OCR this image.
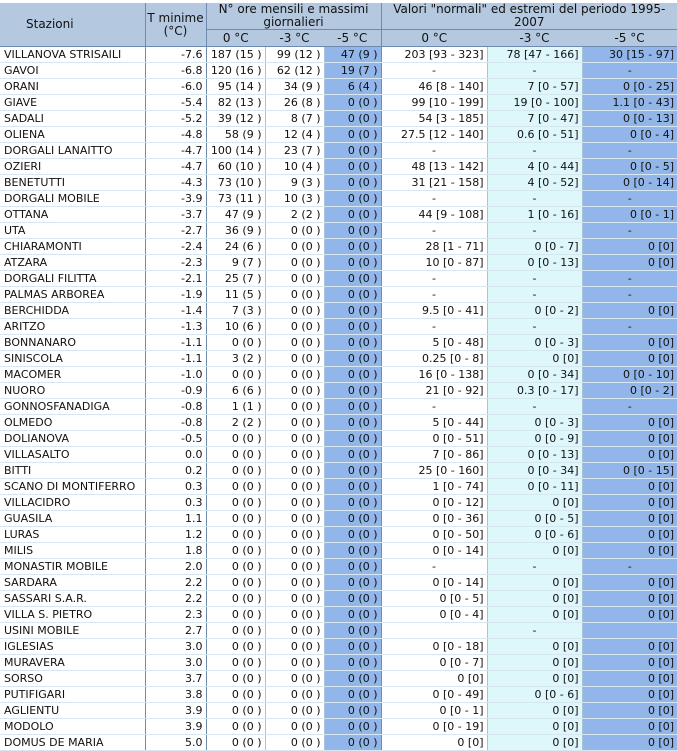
Stazioni	T minime (°C)	N° ore mensili e massimi giornalieri			Valori "normali" ed estremi del periodo 1995-2007		
		0 °C	-3 °C	-5 °C	0 °C	-3 °C	-5 °C
VILLANOVA STRISAILI	-7.6	187 (15 )	99 (12 )	47 (9 )	203 [93 - 323]	78 [47 - 166]	30 [15 - 97]
GAVOI	-6.8	120 (16 )	62 (12 )	19 (7 )	-	-	-
ORANI	-6.0	95 (14 )	34 (9 )	6 (4 )	46 [8 - 140]	7 [0 - 57]	0 [0 - 25]
GIAVE	-5.4	82 (13 )	26 (8 )	0 (0 )	99 [10 - 199]	19 [0 - 100]	1.1 [0 - 43]
SADALI	-5.2	39 (12 )	8 (7 )	0 (0 )	54 [3 - 185]	7 [0 - 47]	0 [0 - 13]
OLIENA	-4.8	58 (9 )	12 (4 )	0 (0 )	27.5 [12 - 140]	0.6 [0 - 51]	0 [0 - 4]
DORGALI LANAITTO	-4.7	100 (14 )	23 (7 )	0 (0 )	-	-	-
OZIERI	-4.7	60 (10 )	10 (4 )	0 (0 )	48 [13 - 142]	4 [0 - 44]	0 [0 - 5]
BENETUTTI	-4.3	73 (10 )	9 (3 )	0 (0 )	31 [21 - 158]	4 [0 - 52]	0 [0 - 14]
DORGALI MOBILE	-3.9	73 (11 )	10 (3 )	0 (0 )	-	-	-
OTTANA	-3.7	47 (9 )	2 (2 )	0 (0 )	44 [9 - 108]	1 [0 - 16]	0 [0 - 1]
UTA	-2.7	36 (9 )	0 (0 )	0 (0 )	-	-	-
CHIARAMONTI	-2.4	24 (6 )	0 (0 )	0 (0 )	28 [1 - 71]	0 [0 - 7]	0 [0]
ATZARA	-2.3	9 (7 )	0 (0 )	0 (0 )	10 [0 - 87]	0 [0 - 13]	0 [0]
DORGALI FILITTA	-2.1	25 (7 )	0 (0 )	0 (0 )	-	-	-
PALMAS ARBOREA	-1.9	11 (5 )	0 (0 )	0 (0 )	-	-	-
BERCHIDDA	-1.4	7 (3 )	0 (0 )	0 (0 )	9.5 [0 - 41]	0 [0 - 2]	0 [0]
ARITZO	-1.3	10 (6 )	0 (0 )	0 (0 )	-	-	-
BONNANARO	-1.1	0 (0 )	0 (0 )	0 (0 )	5 [0 - 48]	0 [0 - 3]	0 [0]
SINISCOLA	-1.1	3 (2 )	0 (0 )	0 (0 )	0.25 [0 - 8]	0 [0]	0 [0]
MACOMER	-1.0	0 (0 )	0 (0 )	0 (0 )	16 [0 - 138]	0 [0 - 34]	0 [0 - 10]
NUORO	-0.9	6 (6 )	0 (0 )	0 (0 )	21 [0 - 92]	0.3 [0 - 17]	0 [0 - 2]
GONNOSFANADIGA	-0.8	1 (1 )	0 (0 )	0 (0 )	-	-	-
OLMEDO	-0.8	2 (2 )	0 (0 )	0 (0 )	5 [0 - 44]	0 [0 - 3]	0 [0]
DOLIANOVA	-0.5	0 (0 )	0 (0 )	0 (0 )	0 [0 - 51]	0 [0 - 9]	0 [0]
VILLASALTO	0.0	0 (0 )	0 (0 )	0 (0 )	7 [0 - 86]	0 [0 - 13]	0 [0]
BITTI	0.2	0 (0 )	0 (0 )	0 (0 )	25 [0 - 160]	0 [0 - 34]	0 [0 - 15]
SCANO DI MONTIFERRO	0.3	0 (0 )	0 (0 )	0 (0 )	1 [0 - 74]	0 [0 - 11]	0 [0]
VILLACIDRO	0.3	0 (0 )	0 (0 )	0 (0 )	0 [0 - 12]	0 [0]	0 [0]
GUASILA	1.1	0 (0 )	0 (0 )	0 (0 )	0 [0 - 36]	0 [0 - 5]	0 [0]
LURAS	1.2	0 (0 )	0 (0 )	0 (0 )	0 [0 - 50]	0 [0 - 6]	0 [0]
MILIS	1.8	0 (0 )	0 (0 )	0 (0 )	0 [0 - 14]	0 [0]	0 [0]
MONASTIR MOBILE	2.0	0 (0 )	0 (0 )	0 (0 )	-	-	-
SARDARA	2.2	0 (0 )	0 (0 )	0 (0 )	0 [0 - 14]	0 [0]	0 [0]
SASSARI S.A.R.	2.2	0 (0 )	0 (0 )	0 (0 )	0 [0 - 5]	0 [0]	0 [0]
VILLA S. PIETRO	2.3	0 (0 )	0 (0 )	0 (0 )	0 [0 - 4]	0 [0]	0 [0]
USINI MOBILE	2.7	0 (0 )	0 (0 )	0 (0 )		-	
IGLESIAS	3.0	0 (0 )	0 (0 )	0 (0 )	0 [0 - 18]	0 [0]	0 [0]
MURAVERA	3.0	0 (0 )	0 (0 )	0 (0 )	0 [0 - 7]	0 [0]	0 [0]
SORSO	3.7	0 (0 )	0 (0 )	0 (0 )	0 [0]	0 [0]	0 [0]
PUTIFIGARI	3.8	0 (0 )	0 (0 )	0 (0 )	0 [0 - 49]	0 [0 - 6]	0 [0]
AGLIENTU	3.9	0 (0 )	0 (0 )	0 (0 )	0 [0 - 1]	0 [0]	0 [0]
MODOLO	3.9	0 (0 )	0 (0 )	0 (0 )	0 [0 - 19]	0 [0]	0 [0]
DOMUS DE MARIA	5.0	0 (0 )	0 (0 )	0 (0 )	0 [0]	0 [0]	0 [0]
